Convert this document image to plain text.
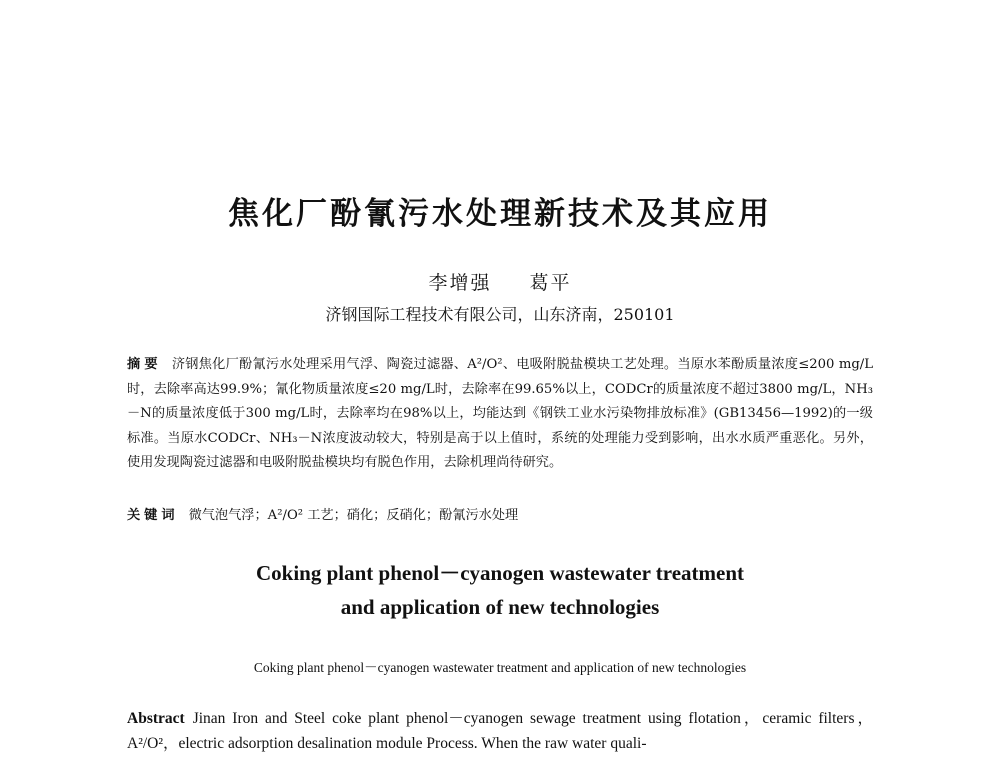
焦化厂酚氰污水处理新技术及其应用
李增强 葛平
济钢国际工程技术有限公司，山东济南，250101
摘要 济钢焦化厂酚氰污水处理采用气浮、陶瓷过滤器、A²/O²、电吸附脱盐模块工艺处理。当原水苯酚质量浓度≤200 mg/L时，去除率高达99.9%；氰化物质量浓度≤20 mg/L时，去除率在99.65%以上，CODCr的质量浓度不超过3800 mg/L，NH₃－N的质量浓度低于300 mg/L时，去除率均在98%以上，均能达到《钢铁工业水污染物排放标准》(GB13456—1992)的一级标准。当原水CODCr、NH₃－N浓度波动较大，特别是高于以上值时，系统的处理能力受到影响，出水水质严重恶化。另外，使用发现陶瓷过滤器和电吸附脱盐模块均有脱色作用，去除机理尚待研究。
关键词 微气泡气浮；A²/O² 工艺；硝化；反硝化；酚氰污水处理
Coking plant phenol－cyanogen wastewater treatment
and application of new technologies
Coking plant phenol－cyanogen wastewater treatment and application of new technologies
Abstract Jinan Iron and Steel coke plant phenol－cyanogen sewage treatment using flotation，ceramic filters，A²/O²，electric adsorption desalination module Process. When the raw water quali-
